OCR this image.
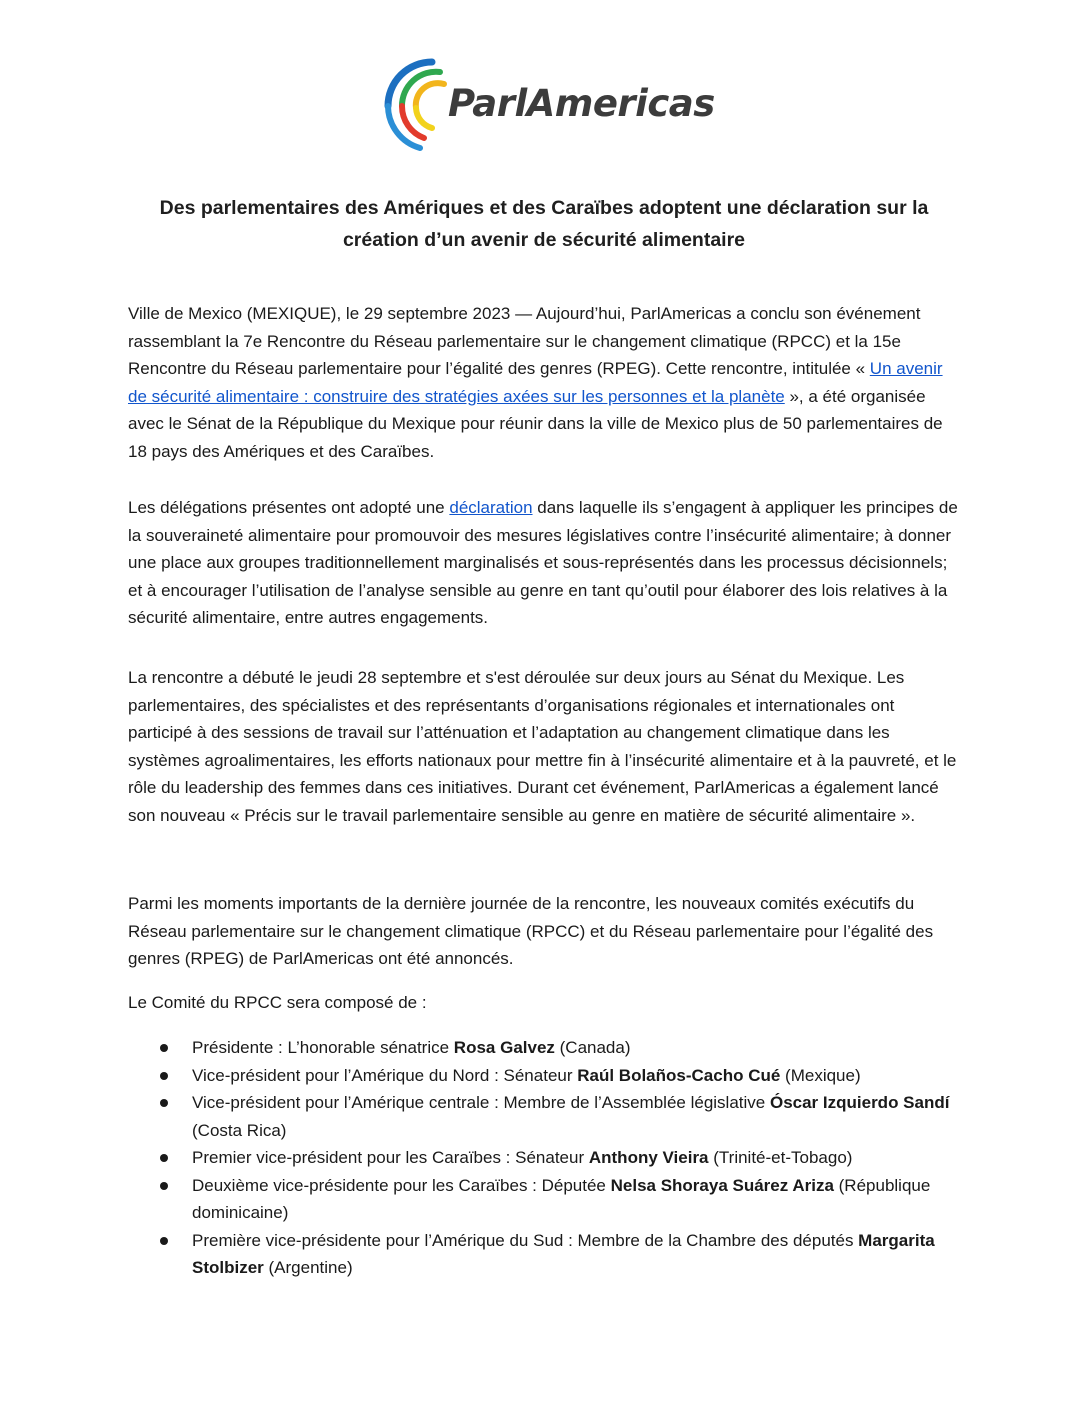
ParlAmericas
Des parlementaires des Amériques et des Caraïbes adoptent une déclaration sur la création d’un avenir de sécurité alimentaire

Ville de Mexico (MEXIQUE), le 29 septembre 2023 — Aujourd’hui, ParlAmericas a conclu son événement rassemblant la 7e Rencontre du Réseau parlementaire sur le changement climatique (RPCC) et la 15e Rencontre du Réseau parlementaire pour l’égalité des genres (RPEG). Cette rencontre, intitulée « Un avenir de sécurité alimentaire : construire des stratégies axées sur les personnes et la planète », a été organisée avec le Sénat de la République du Mexique pour réunir dans la ville de Mexico plus de 50 parlementaires de 18 pays des Amériques et des Caraïbes.

Les délégations présentes ont adopté une déclaration dans laquelle ils s’engagent à appliquer les principes de la souveraineté alimentaire pour promouvoir des mesures législatives contre l’insécurité alimentaire; à donner une place aux groupes traditionnellement marginalisés et sous-représentés dans les processus décisionnels; et à encourager l’utilisation de l’analyse sensible au genre en tant qu’outil pour élaborer des lois relatives à la sécurité alimentaire, entre autres engagements.

La rencontre a débuté le jeudi 28 septembre et s'est déroulée sur deux jours au Sénat du Mexique. Les parlementaires, des spécialistes et des représentants d’organisations régionales et internationales ont participé à des sessions de travail sur l’atténuation et l’adaptation au changement climatique dans les systèmes agroalimentaires, les efforts nationaux pour mettre fin à l’insécurité alimentaire et à la pauvreté, et le rôle du leadership des femmes dans ces initiatives. Durant cet événement, ParlAmericas a également lancé son nouveau « Précis sur le travail parlementaire sensible au genre en matière de sécurité alimentaire ».

Parmi les moments importants de la dernière journée de la rencontre, les nouveaux comités exécutifs du Réseau parlementaire sur le changement climatique (RPCC) et du Réseau parlementaire pour l’égalité des genres (RPEG) de ParlAmericas ont été annoncés.

Le Comité du RPCC sera composé de :

Présidente : L’honorable sénatrice Rosa Galvez (Canada)
Vice-président pour l’Amérique du Nord : Sénateur Raúl Bolaños-Cacho Cué (Mexique)
Vice-président pour l’Amérique centrale : Membre de l’Assemblée législative Óscar Izquierdo Sandí (Costa Rica)
Premier vice-président pour les Caraïbes : Sénateur Anthony Vieira (Trinité-et-Tobago)
Deuxième vice-présidente pour les Caraïbes : Députée Nelsa Shoraya Suárez Ariza (République dominicaine)
Première vice-présidente pour l’Amérique du Sud : Membre de la Chambre des députés Margarita Stolbizer (Argentine)
